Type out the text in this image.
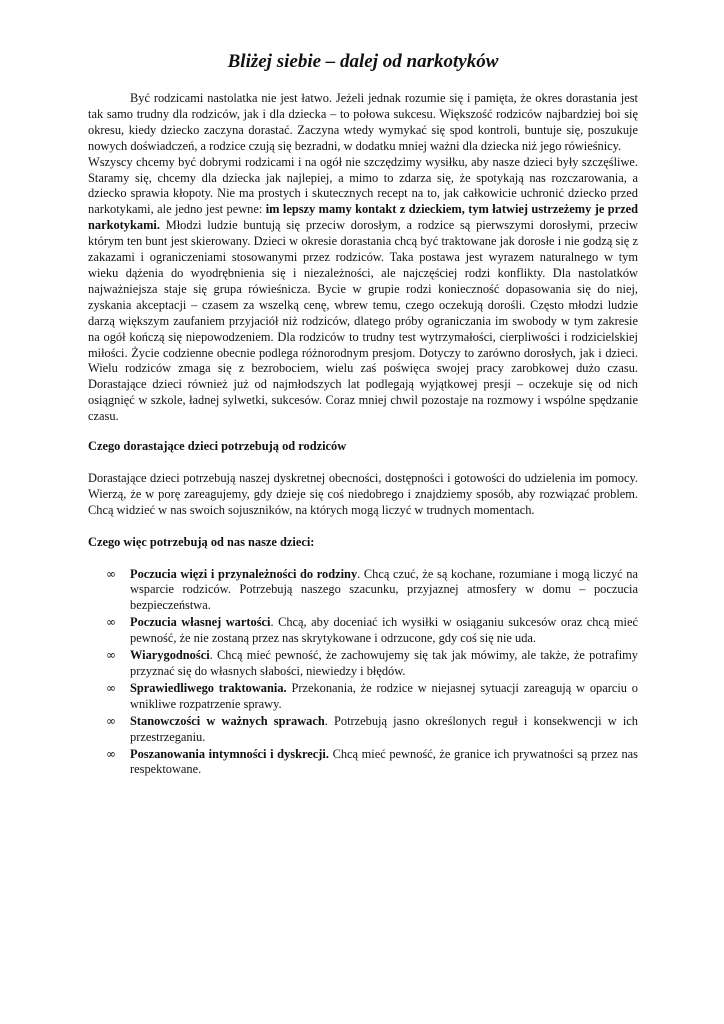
Bliżej siebie – dalej od narkotyków

Być rodzicami nastolatka nie jest łatwo. Jeżeli jednak rozumie się i pamięta, że okres dorastania jest tak samo trudny dla rodziców, jak i dla dziecka – to połowa sukcesu. Większość rodziców najbardziej boi się okresu, kiedy dziecko zaczyna dorastać. Zaczyna wtedy wymykać się spod kontroli, buntuje się, poszukuje nowych doświadczeń, a rodzice czują się bezradni, w dodatku mniej ważni dla dziecka niż jego rówieśnicy.

Wszyscy chcemy być dobrymi rodzicami i na ogół nie szczędzimy wysiłku, aby nasze dzieci były szczęśliwe. Staramy się, chcemy dla dziecka jak najlepiej, a mimo to zdarza się, że spotykają nas rozczarowania, a dziecko sprawia kłopoty. Nie ma prostych i skutecznych recept na to, jak całkowicie uchronić dziecko przed narkotykami, ale jedno jest pewne: im lepszy mamy kontakt z dzieckiem, tym łatwiej ustrzeżemy je przed narkotykami. Młodzi ludzie buntują się przeciw dorosłym, a rodzice są pierwszymi dorosłymi, przeciw którym ten bunt jest skierowany. Dzieci w okresie dorastania chcą być traktowane jak dorosłe i nie godzą się z zakazami i ograniczeniami stosowanymi przez rodziców. Taka postawa jest wyrazem naturalnego w tym wieku dążenia do wyodrębnienia się i niezależności, ale najczęściej rodzi konflikty. Dla nastolatków najważniejsza staje się grupa rówieśnicza. Bycie w grupie rodzi konieczność dopasowania się do niej, zyskania akceptacji – czasem za wszelką cenę, wbrew temu, czego oczekują dorośli. Często młodzi ludzie darzą większym zaufaniem przyjaciół niż rodziców, dlatego próby ograniczania im swobody w tym zakresie na ogół kończą się niepowodzeniem. Dla rodziców to trudny test wytrzymałości, cierpliwości i rodzicielskiej miłości. Życie codzienne obecnie podlega różnorodnym presjom. Dotyczy to zarówno dorosłych, jak i dzieci. Wielu rodziców zmaga się z bezrobociem, wielu zaś poświęca swojej pracy zarobkowej dużo czasu. Dorastające dzieci również już od najmłodszych lat podlegają wyjątkowej presji – oczekuje się od nich osiągnięć w szkole, ładnej sylwetki, sukcesów. Coraz mniej chwil pozostaje na rozmowy i wspólne spędzanie czasu.

Czego dorastające dzieci potrzebują od rodziców

Dorastające dzieci potrzebują naszej dyskretnej obecności, dostępności i gotowości do udzielenia im pomocy. Wierzą, że w porę zareagujemy, gdy dzieje się coś niedobrego i znajdziemy sposób, aby rozwiązać problem. Chcą widzieć w nas swoich sojuszników, na których mogą liczyć w trudnych momentach.

Czego więc potrzebują od nas nasze dzieci:

∞ Poczucia więzi i przynależności do rodziny. Chcą czuć, że są kochane, rozumiane i mogą liczyć na wsparcie rodziców. Potrzebują naszego szacunku, przyjaznej atmosfery w domu – poczucia bezpieczeństwa.
∞ Poczucia własnej wartości. Chcą, aby doceniać ich wysiłki w osiąganiu sukcesów oraz chcą mieć pewność, że nie zostaną przez nas skrytykowane i odrzucone, gdy coś się nie uda.
∞ Wiarygodności. Chcą mieć pewność, że zachowujemy się tak jak mówimy, ale także, że potrafimy przyznać się do własnych słabości, niewiedzy i błędów.
∞ Sprawiedliwego traktowania. Przekonania, że rodzice w niejasnej sytuacji zareagują w oparciu o wnikliwe rozpatrzenie sprawy.
∞ Stanowczości w ważnych sprawach. Potrzebują jasno określonych reguł i konsekwencji w ich przestrzeganiu.
∞ Poszanowania intymności i dyskrecji. Chcą mieć pewność, że granice ich prywatności są przez nas respektowane.
